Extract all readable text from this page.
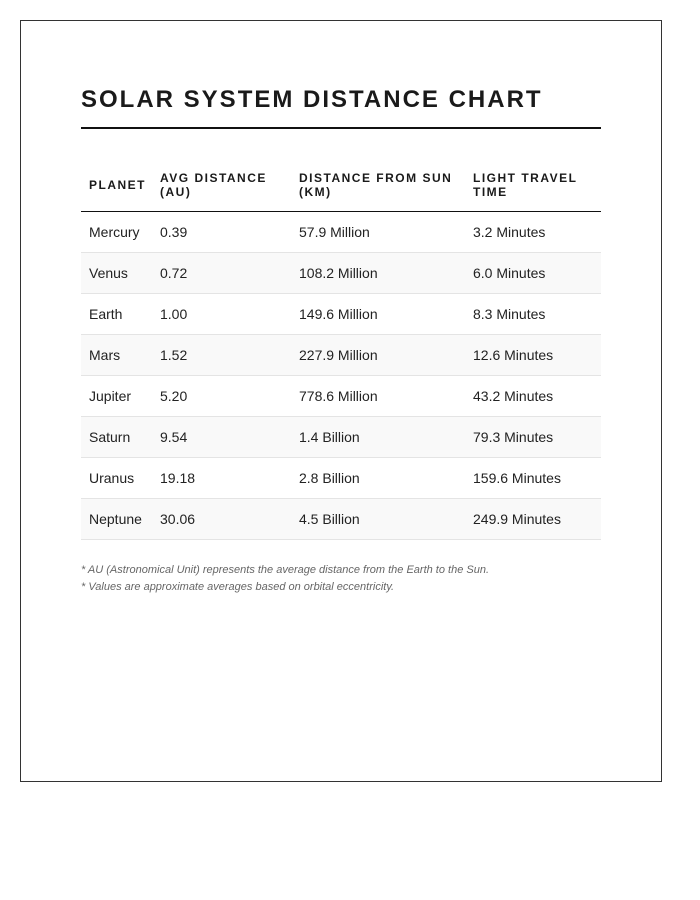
SOLAR SYSTEM DISTANCE CHART
PLANET	AVG DISTANCE (AU)	DISTANCE FROM SUN (KM)	LIGHT TRAVEL TIME
Mercury	0.39	57.9 Million	3.2 Minutes
Venus	0.72	108.2 Million	6.0 Minutes
Earth	1.00	149.6 Million	8.3 Minutes
Mars	1.52	227.9 Million	12.6 Minutes
Jupiter	5.20	778.6 Million	43.2 Minutes
Saturn	9.54	1.4 Billion	79.3 Minutes
Uranus	19.18	2.8 Billion	159.6 Minutes
Neptune	30.06	4.5 Billion	249.9 Minutes
* AU (Astronomical Unit) represents the average distance from the Earth to the Sun.
* Values are approximate averages based on orbital eccentricity.
